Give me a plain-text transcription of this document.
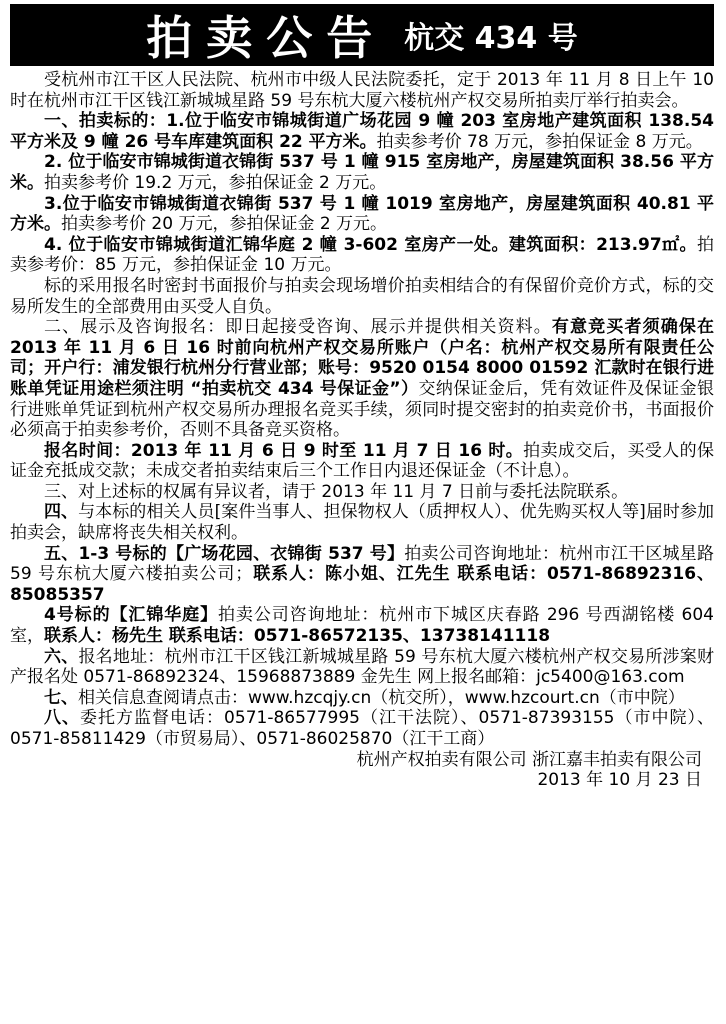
拍卖公告 杭交 434 号

受杭州市江干区人民法院、杭州市中级人民法院委托，定于 2013 年 11 月 8 日上午 10 时在杭州市江干区钱江新城城星路 59 号东杭大厦六楼杭州产权交易所拍卖厅举行拍卖会。

一、拍卖标的：1.位于临安市锦城街道广场花园 9 幢 203 室房地产建筑面积 138.54 平方米及 9 幢 26 号车库建筑面积 22 平方米。拍卖参考价 78 万元，参拍保证金 8 万元。

2. 位于临安市锦城街道衣锦街 537 号 1 幢 915 室房地产，房屋建筑面积 38.56 平方米。拍卖参考价 19.2 万元，参拍保证金 2 万元。

3.位于临安市锦城街道衣锦街 537 号 1 幢 1019 室房地产，房屋建筑面积 40.81 平方米。拍卖参考价 20 万元，参拍保证金 2 万元。

4. 位于临安市锦城街道汇锦华庭 2 幢 3-602 室房产一处。建筑面积：213.97㎡。拍卖参考价：85 万元，参拍保证金 10 万元。

标的采用报名时密封书面报价与拍卖会现场增价拍卖相结合的有保留价竞价方式，标的交易所发生的全部费用由买受人自负。

二、展示及咨询报名：即日起接受咨询、展示并提供相关资料。有意竞买者须确保在 2013 年 11 月 6 日 16 时前向杭州产权交易所账户（户名：杭州产权交易所有限责任公司；开户行：浦发银行杭州分行营业部；账号：9520 0154 8000 01592 汇款时在银行进账单凭证用途栏须注明 “拍卖杭交 434 号保证金”）交纳保证金后，凭有效证件及保证金银行进账单凭证到杭州产权交易所办理报名竞买手续，须同时提交密封的拍卖竞价书，书面报价必须高于拍卖参考价，否则不具备竞买资格。

报名时间：2013 年 11 月 6 日 9 时至 11 月 7 日 16 时。拍卖成交后，买受人的保证金充抵成交款；未成交者拍卖结束后三个工作日内退还保证金（不计息）。

三、对上述标的权属有异议者，请于 2013 年 11 月 7 日前与委托法院联系。

四、与本标的相关人员[案件当事人、担保物权人（质押权人）、优先购买权人等]届时参加拍卖会，缺席将丧失相关权利。

五、1-3 号标的【广场花园、衣锦街 537 号】拍卖公司咨询地址：杭州市江干区城星路 59 号东杭大厦六楼拍卖公司；联系人：陈小姐、江先生 联系电话：0571-86892316、85085357

4号标的【汇锦华庭】拍卖公司咨询地址：杭州市下城区庆春路 296 号西湖铭楼 604 室，联系人：杨先生 联系电话：0571-86572135、13738141118

六、报名地址：杭州市江干区钱江新城城星路 59 号东杭大厦六楼杭州产权交易所涉案财产报名处 0571-86892324、15968873889 金先生 网上报名邮箱：jc5400@163.com

七、相关信息查阅请点击：www.hzcqjy.cn（杭交所），www.hzcourt.cn（市中院）

八、委托方监督电话：0571-86577995（江干法院）、0571-87393155（市中院）、0571-85811429（市贸易局）、0571-86025870（江干工商）

杭州产权拍卖有限公司 浙江嘉丰拍卖有限公司

2013 年 10 月 23 日
